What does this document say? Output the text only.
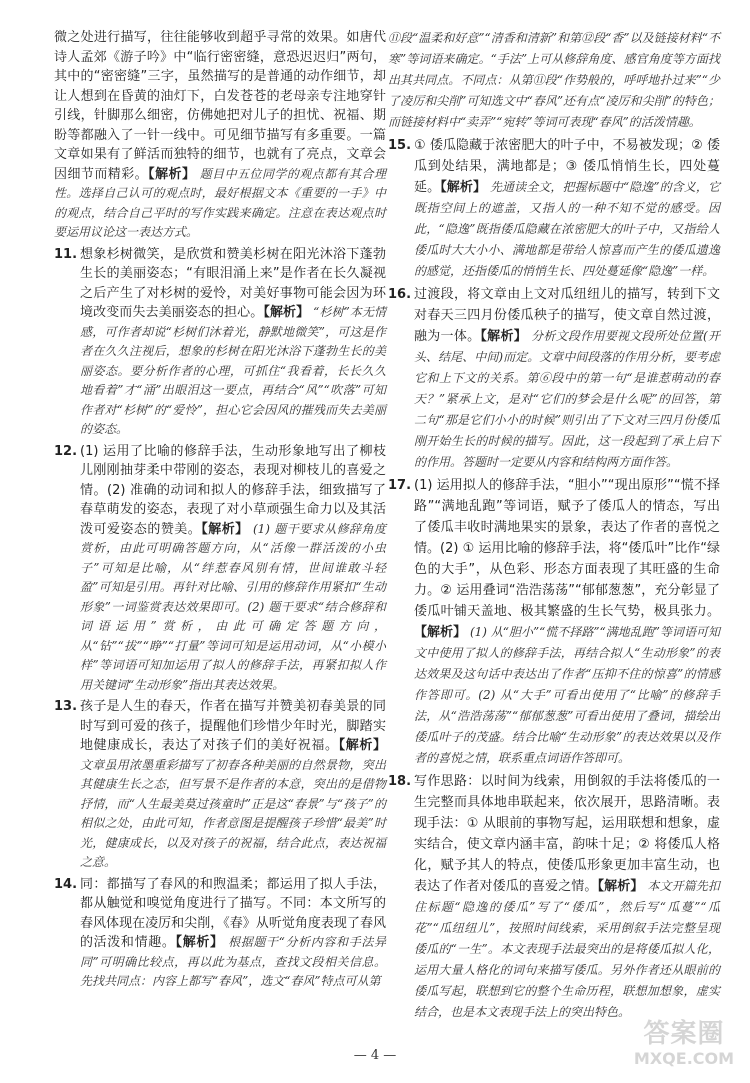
微之处进行描写，往往能够收到超乎寻常的效果。如唐代诗人孟郊《游子吟》中“临行密密缝，意恐迟迟归”两句，其中的“密密缝”三字，虽然描写的是普通的动作细节，却让人想到在昏黄的油灯下，白发苍苍的老母亲专注地穿针引线，针脚那么细密，仿佛她把对儿子的担忧、祝福、期盼等都融入了一针一线中。可见细节描写有多重要。一篇文章如果有了鲜活而独特的细节，也就有了亮点，文章会因细节而精彩。 【 解析 】 题目中五位同学的观点都有其合理性。选择自己认可的观点时，最好根据文本《重要的一手》中的观点，结合自己平时的写作实践来确定。注意在表达观点时要运用议论这一表达方式。
11. 想象杉树微笑，是欣赏和赞美杉树在阳光沐浴下蓬勃生长的美丽姿态；“有眼泪涌上来”是作者在长久凝视之后产生了对杉树的爱怜，对美好事物可能会因为环境改变而失去美丽姿态的担心。 【 解析 】 “杉树”本无情感，可作者却说“杉树们沐着光，静默地微笑”，可这是作者在久久注视后，想象的杉树在阳光沐浴下蓬勃生长的美丽姿态。要分析作者的心理，可抓住“我看着，长长久久地看着”才“涌”出眼泪这一要点，再结合“风”“吹落”可知作者对“杉树”的“爱怜”，担心它会因风的摧残而失去美丽的姿态。
12. (1) 运用了比喻的修辞手法，生动形象地写出了柳枝儿刚刚抽芽柔中带刚的姿态，表现对柳枝儿的喜爱之情。(2) 准确的动词和拟人的修辞手法，细致描写了春草萌发的姿态，表现了对小草顽强生命力以及其活泼可爱姿态的赞美。 【 解析 】 (1) 题干要求从修辞角度赏析，由此可明确答题方向，从“活像一群活泼的小虫子”可知是比喻，从“绊惹春风别有情，世间谁敢斗轻盈”可知是引用。再针对比喻、引用的修辞作用紧扣“生动形象”一词鉴赏表达效果即可。(2) 题干要求“结合修辞和词语运用”赏析，由此可确定答题方向，从“钻”“拔”“睁”“打量”等词可知是运用动词，从“小模小样”等词语可知加运用了拟人的修辞手法，再紧扣拟人作用关键词“生动形象”指出其表达效果。
13. 孩子是人生的春天，作者在描写并赞美初春美景的同时写到可爱的孩子，提醒他们珍惜少年时光，脚踏实地健康成长，表达了对孩子们的美好祝福。 【 解析 】 文章虽用浓墨重彩描写了初春各种美丽的自然景物，突出其健康生长之态，但写景不是作者的本意，突出的是借物抒情，而“人生最美莫过孩童时”正是这“春景”与“孩子”的相似之处，由此可知，作者意图是提醒孩子珍惜“最美”时光，健康成长，以及对孩子的祝福，结合此点，表达祝福之意。
14. 同：都描写了春风的和煦温柔；都运用了拟人手法，都从触觉和嗅觉角度进行了描写。不同：本文所写的春风体现在凌厉和尖削，《春》从听觉角度表现了春风的活泼和情趣。 【 解析 】 根据题干“分析内容和手法异同”可明确比较点，再以此为基点，查找文段相关信息。先找共同点：内容上都写“春风”，选文“春风”特点可从第
⑪段“温柔和好意”“清香和清新”和第⑫段“香”以及链接材料“不寒”等词语来确定。“手法”上可从修辞角度、感官角度等方面找出其共同点。不同点：从第⑪段“作势般的，呼呼地扑过来”“少了凌厉和尖削”可知选文中“春风”还有点“凌厉和尖削”的特色；而链接材料中“卖弄”“宛转”等词可表现“春风”的活泼情趣。
15. ① 倭瓜隐藏于浓密肥大的叶子中，不易被发现；② 倭瓜到处结果，满地都是；③ 倭瓜悄悄生长，四处蔓延。 【 解析 】 先通读全文，把握标题中“隐逸”的含义，它既指空间上的遮盖，又指人的一种不知不觉的感受。因此，“隐逸”既指倭瓜隐藏在浓密肥大的叶子中，又指给人倭瓜时大大小小、满地都是带给人惊喜而产生的倭瓜遗逸的感觉，还指倭瓜的悄悄生长、四处蔓延像“隐逸”一样。
16. 过渡段，将文章由上文对瓜纽纽儿的描写，转到下文对春天三四月份倭瓜秧子的描写，使文章自然过渡，融为一体。 【 解析 】 分析文段作用要视文段所处位置(开头、结尾、中间)而定。文章中间段落的作用分析，要考虑它和上下文的关系。第⑥段中的第一句“是谁惹萌动的春天？”紧承上文，是对“它们的梦会是什么呢”的回答，第二句“那是它们小小的时候”则引出了下文对三四月份倭瓜刚开始生长的时候的描写。因此，这一段起到了承上启下的作用。答题时一定要从内容和结构两方面作答。
17. (1) 运用拟人的修辞手法，“胆小”“现出原形”“慌不择路”“满地乱跑”等词语，赋予了倭瓜人的情态，写出了倭瓜丰收时满地果实的景象，表达了作者的喜悦之情。(2) ① 运用比喻的修辞手法，将“倭瓜叶”比作“绿色的大手”，从色彩、形态方面表现了其旺盛的生命力。② 运用叠词“浩浩荡荡”“郁郁葱葱”，充分彰显了倭瓜叶铺天盖地、极其繁盛的生长气势，极具张力。【 解析 】 (1) 从“胆小”“慌不择路”“满地乱跑”等词语可知文中使用了拟人的修辞手法，再结合拟人“生动形象”的表达效果及这句话中表达出了作者“压抑不住的惊喜”的情感作答即可。(2) 从“大手”可看出使用了“比喻”的修辞手法，从“浩浩荡荡”“郁郁葱葱”可看出使用了叠词，描绘出倭瓜叶子的茂盛。结合比喻“生动形象”的表达效果以及作者的喜悦之情，联系重点词语作答即可。
18. 写作思路：以时间为线索，用倒叙的手法将倭瓜的一生完整而具体地串联起来，依次展开，思路清晰。表现手法：① 从眼前的事物写起，运用联想和想象，虚实结合，使文章内涵丰富，韵味十足；② 将倭瓜人格化，赋予其人的特点，使倭瓜形象更加丰富生动，也表达了作者对倭瓜的喜爱之情。 【 解析 】 本文开篇先扣住标题“隐逸的倭瓜”写了“倭瓜”，然后写“瓜蔓”“瓜花”“瓜纽纽儿”，按照时间线索，采用倒叙手法完整呈现倭瓜的“一生”。本文表现手法最突出的是将倭瓜拟人化，运用大量人格化的词句来描写倭瓜。另外作者还从眼前的倭瓜写起，联想到它的整个生命历程，联想加想象，虚实结合，也是本文表现手法上的突出特色。
— 4 —
答案圈
MXQE.COM
